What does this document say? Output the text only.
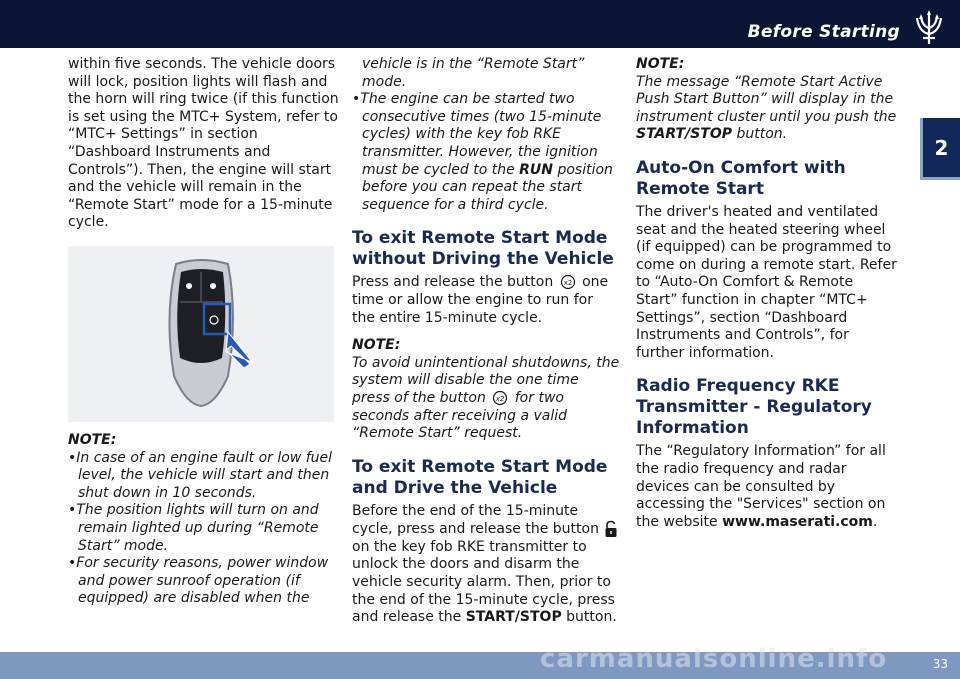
Before Starting
2

within five seconds. The vehicle doors will lock, position lights will flash and the horn will ring twice (if this function is set using the MTC+ System, refer to “MTC+ Settings” in section “Dashboard Instruments and Controls”). Then, the engine will start and the vehicle will remain in the “Remote Start” mode for a 15-minute cycle.

NOTE:

• In case of an engine fault or low fuel level, the vehicle will start and then shut down in 10 seconds.

• The position lights will turn on and remain lighted up during “Remote Start” mode.

• For security reasons, power window and power sunroof operation (if equipped) are disabled when the

vehicle is in the “Remote Start” mode.

• The engine can be started two consecutive times (two 15-minute cycles) with the key fob RKE transmitter. However, the ignition must be cycled to the RUN position before you can repeat the start sequence for a third cycle.

To exit Remote Start Mode without Driving the Vehicle

Press and release the button x2 one time or allow the engine to run for the entire 15-minute cycle.

NOTE:

To avoid unintentional shutdowns, the system will disable the one time press of the button x2 for two seconds after receiving a valid “Remote Start” request.

To exit Remote Start Mode and Drive the Vehicle

Before the end of the 15-minute cycle, press and release the button  on the key fob RKE transmitter to unlock the doors and disarm the vehicle security alarm. Then, prior to the end of the 15-minute cycle, press and release the START/STOP button.

NOTE:

The message “Remote Start Active Push Start Button” will display in the instrument cluster until you push the START/STOP button.

Auto-On Comfort with Remote Start

The driver's heated and ventilated seat and the heated steering wheel (if equipped) can be programmed to come on during a remote start. Refer to “Auto-On Comfort & Remote Start” function in chapter “MTC+ Settings”, section “Dashboard Instruments and Controls”, for further information.

Radio Frequency RKE Transmitter - Regulatory Information

The “Regulatory Information” for all the radio frequency and radar devices can be consulted by accessing the "Services" section on the website www.maserati.com.

carmanualsonline.info	33
